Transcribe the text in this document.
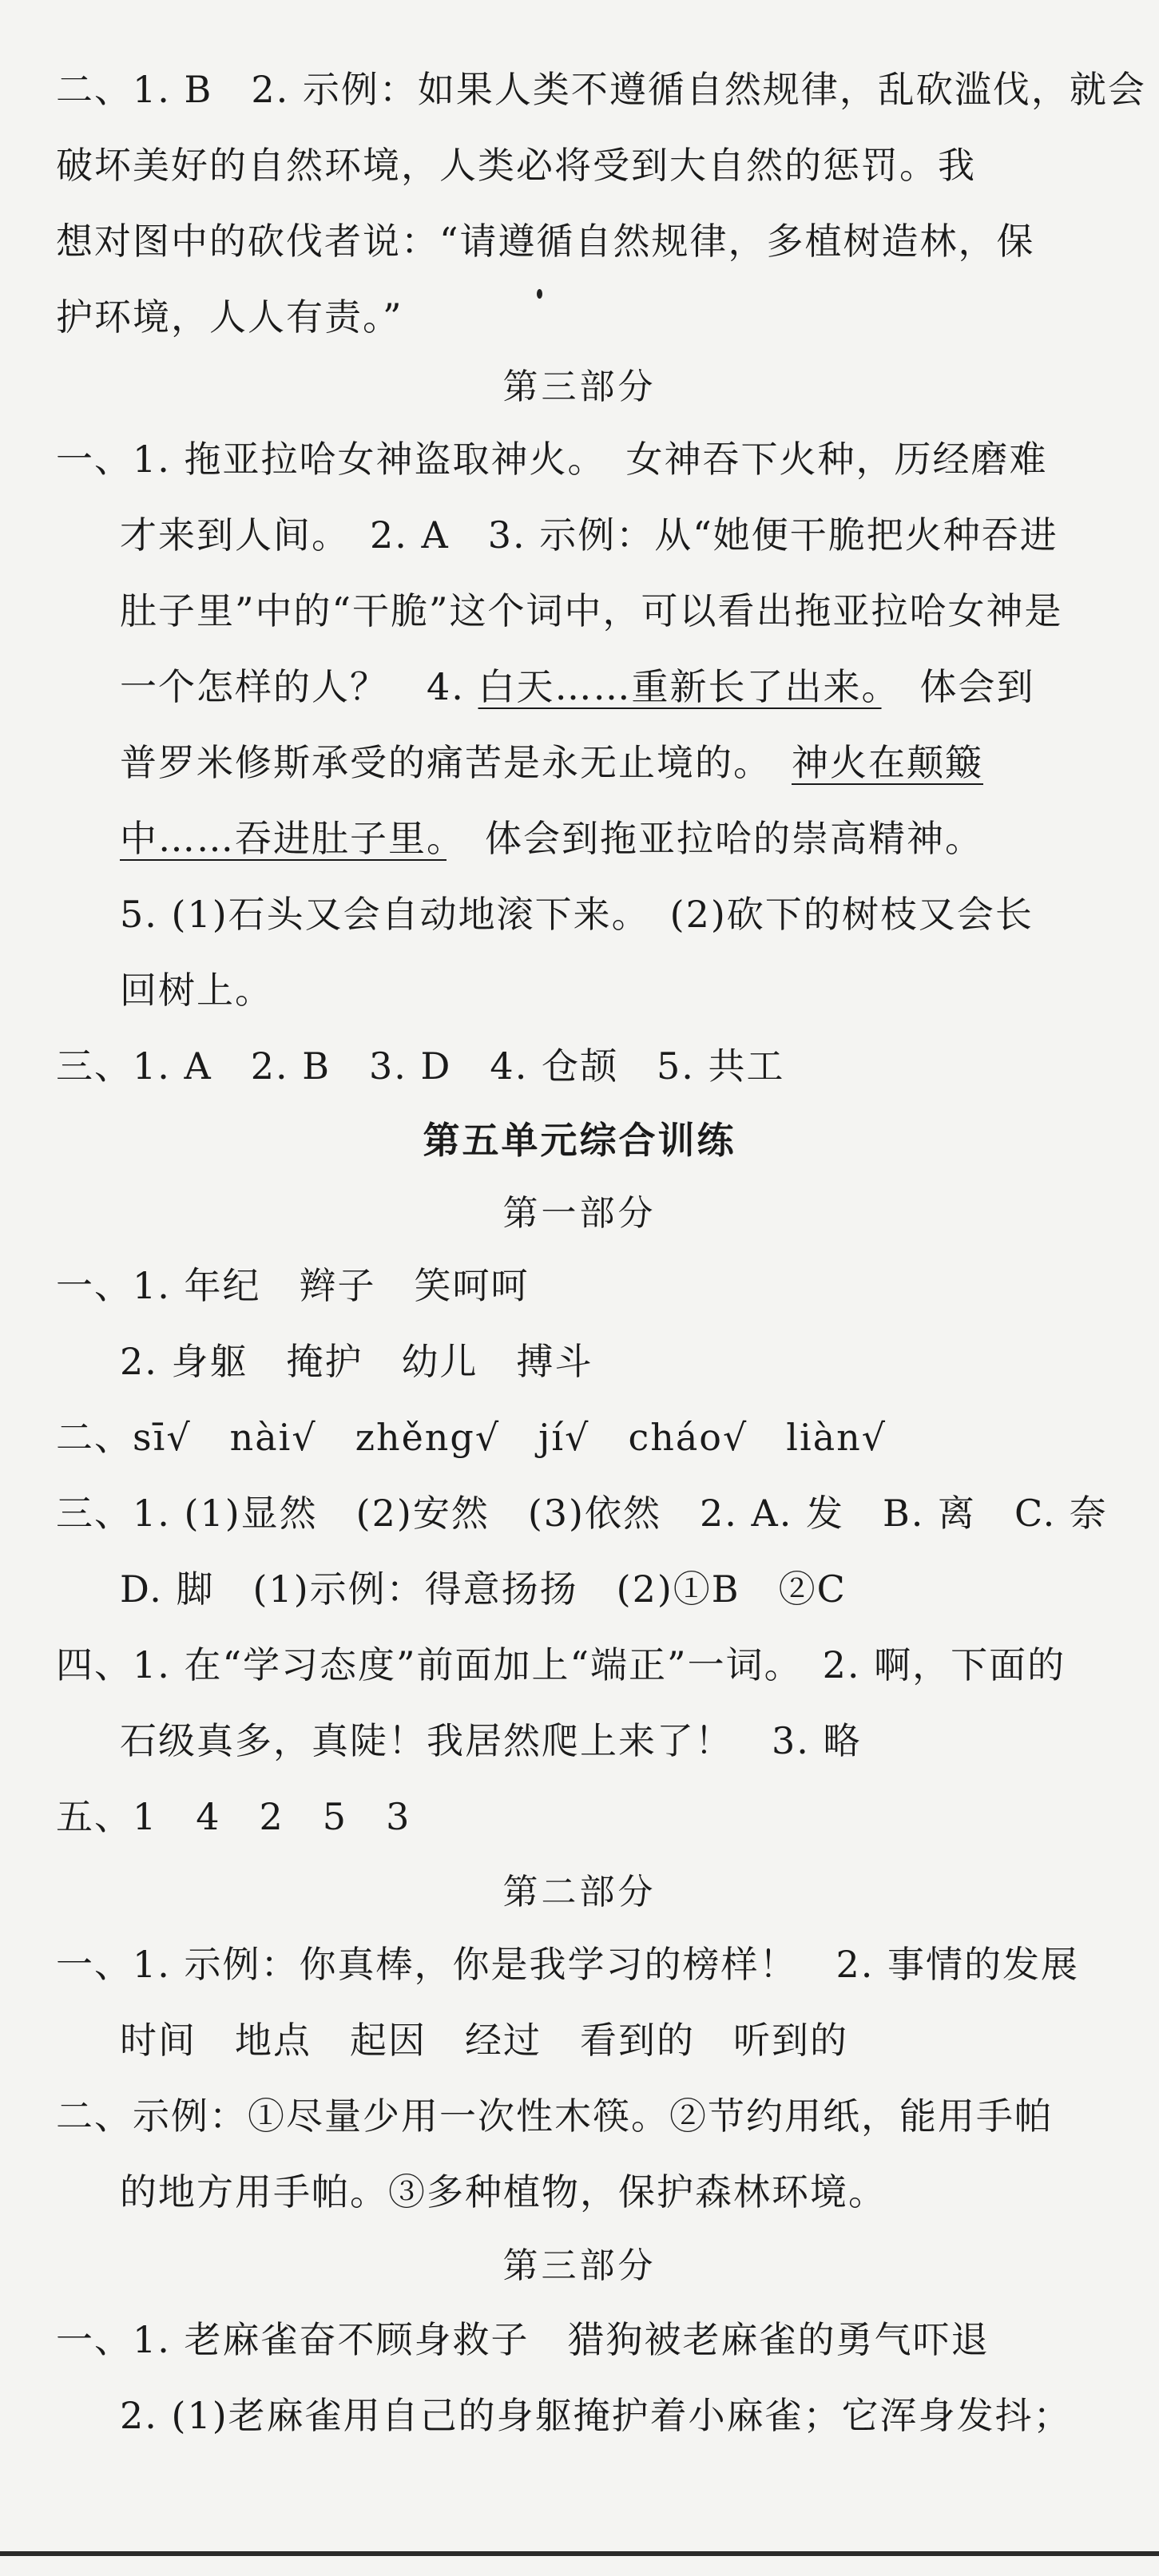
二、1. B　2. 示例：如果人类不遵循自然规律，乱砍滥伐，就会
破坏美好的自然环境，人类必将受到大自然的惩罚。我
想对图中的砍伐者说：“请遵循自然规律，多植树造林，保
护环境，人人有责。”
第三部分
一、1. 拖亚拉哈女神盗取神火。　女神吞下火种，历经磨难
才来到人间。　2. A　3. 示例：从“她便干脆把火种吞进
肚子里”中的“干脆”这个词中，可以看出拖亚拉哈女神是
一个怎样的人？　4. 白天……重新长了出来。　体会到
普罗米修斯承受的痛苦是永无止境的。　神火在颠簸
中……吞进肚子里。　体会到拖亚拉哈的崇高精神。
5. (1)石头又会自动地滚下来。　(2)砍下的树枝又会长
回树上。
三、1. A　2. B　3. D　4. 仓颉　5. 共工
第五单元综合训练
第一部分
一、1. 年纪　辫子　笑呵呵
2. 身躯　掩护　幼儿　搏斗
二、sī√　nài√　zhěng√　jí√　cháo√　liàn√
三、1. (1)显然　(2)安然　(3)依然　2. A. 发　B. 离　C. 奈
D. 脚　(1)示例：得意扬扬　(2)①B　②C
四、1. 在“学习态度”前面加上“端正”一词。　2. 啊，下面的
石级真多，真陡！我居然爬上来了！　3. 略
五、1　4　2　5　3
第二部分
一、1. 示例：你真棒，你是我学习的榜样！　2. 事情的发展
时间　地点　起因　经过　看到的　听到的
二、示例：①尽量少用一次性木筷。②节约用纸，能用手帕
的地方用手帕。③多种植物，保护森林环境。
第三部分
一、1. 老麻雀奋不顾身救子　猎狗被老麻雀的勇气吓退
2. (1)老麻雀用自己的身躯掩护着小麻雀；它浑身发抖；
